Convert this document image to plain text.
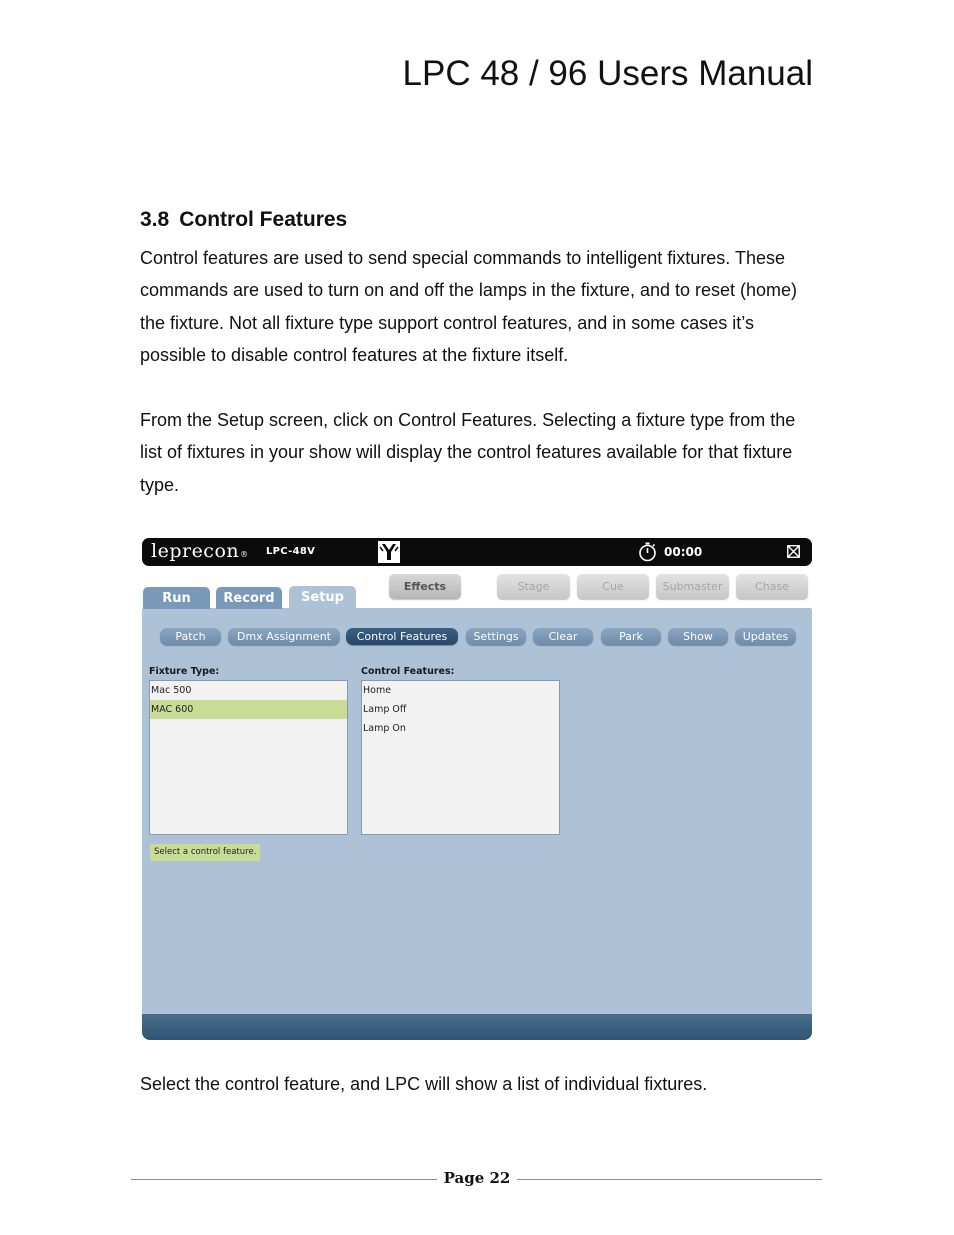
LPC 48 / 96 Users Manual
3.8 Control Features

Control features are used to send special commands to intelligent fixtures. These commands are used to turn on and off the lamps in the fixture, and to reset (home) the fixture. Not all fixture type support control features, and in some cases it’s possible to disable control features at the fixture itself.

From the Setup screen, click on Control Features. Selecting a fixture type from the list of fixtures in your show will display the control features available for that fixture type.

leprecon® LPC-48V	00:00
Run	Record	Setup
Effects	Stage	Cue	Submaster	Chase
Patch	Dmx Assignment	Control Features	Settings	Clear	Park	Show	Updates
Fixture Type:	Control Features:
Mac 500
MAC 600
Home
Lamp Off
Lamp On
Select a control feature.

Select the control feature, and LPC will show a list of individual fixtures.

Page 22
